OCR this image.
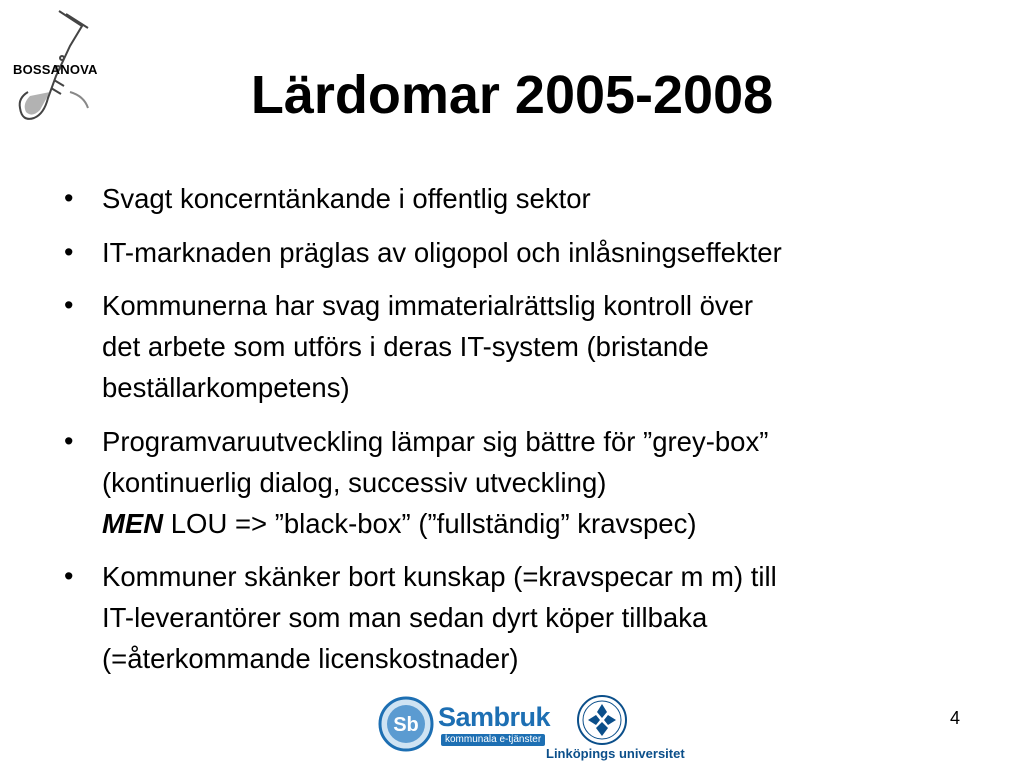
BOSSANOVA	Lärdomar 2005-2008
• Svagt koncerntänkande i offentlig sektor
• IT-marknaden präglas av oligopol och inlåsningseffekter
• Kommunerna har svag immaterialrättslig kontroll över
det arbete som utförs i deras IT-system (bristande
beställarkompetens)
• Programvaruutveckling lämpar sig bättre för ”grey-box”
(kontinuerlig dialog, successiv utveckling)
MEN LOU => ”black-box” (”fullständig” kravspec)
• Kommuner skänker bort kunskap (=kravspecar m m) till
IT-leverantörer som man sedan dyrt köper tillbaka
(=återkommande licenskostnader)
Sb Sambruk
kommunala e-tjänster
Linköpings universitet
4
